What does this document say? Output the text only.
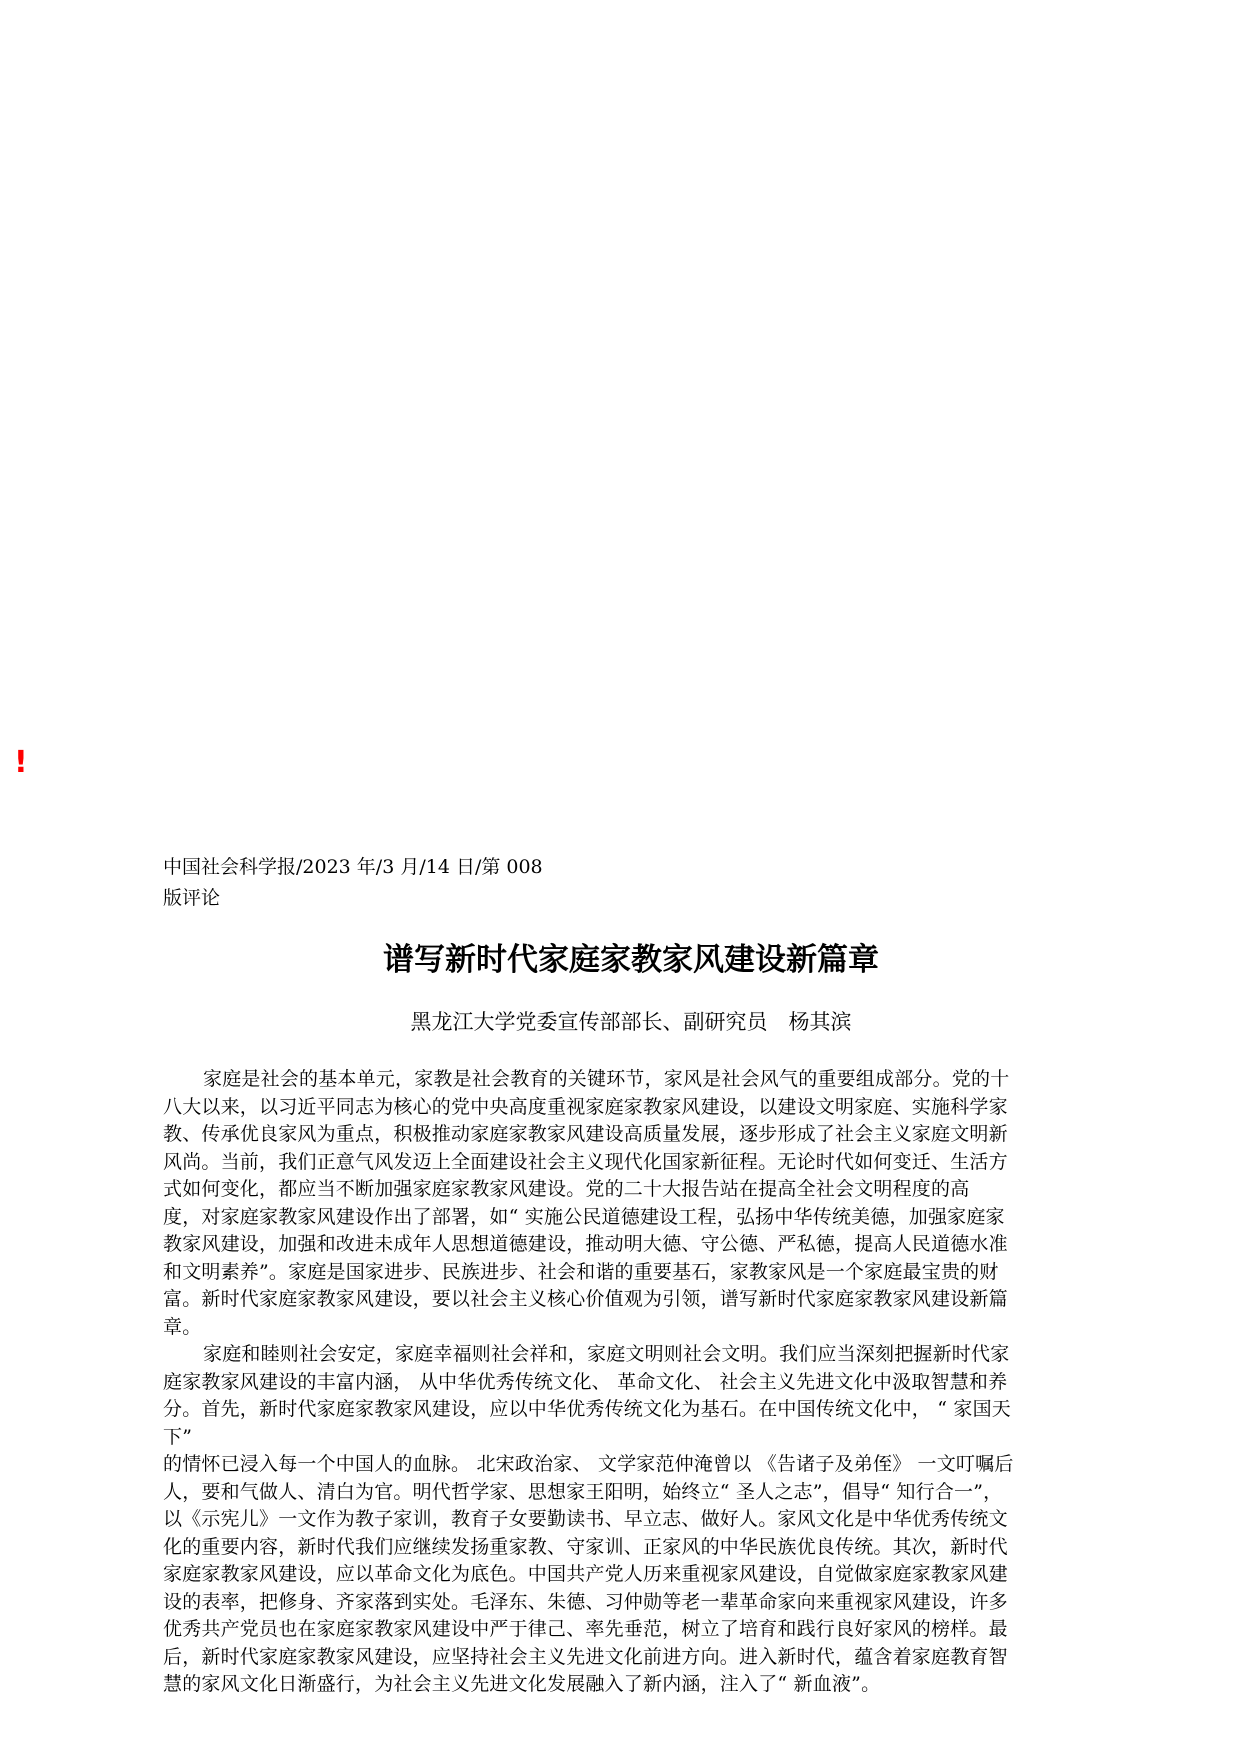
!
中国社会科学报/2023 年/3 月/14 日/第 008
版评论
谱写新时代家庭家教家风建设新篇章
黑龙江大学党委宣传部部长、副研究员　杨其滨

家庭是社会的基本单元，家教是社会教育的关键环节，家风是社会风气的重要组成部分。党的十
八大以来，以习近平同志为核心的党中央高度重视家庭家教家风建设，以建设文明家庭、实施科学家
教、传承优良家风为重点，积极推动家庭家教家风建设高质量发展，逐步形成了社会主义家庭文明新
风尚。当前，我们正意气风发迈上全面建设社会主义现代化国家新征程。无论时代如何变迁、生活方
式如何变化，都应当不断加强家庭家教家风建设。党的二十大报告站在提高全社会文明程度的高
度，对家庭家教家风建设作出了部署，如“ 实施公民道德建设工程，弘扬中华传统美德，加强家庭家
教家风建设，加强和改进未成年人思想道德建设，推动明大德、守公德、严私德，提高人民道德水准
和文明素养”。家庭是国家进步、民族进步、社会和谐的重要基石，家教家风是一个家庭最宝贵的财
富。新时代家庭家教家风建设，要以社会主义核心价值观为引领，谱写新时代家庭家教家风建设新篇
章。

家庭和睦则社会安定，家庭幸福则社会祥和，家庭文明则社会文明。我们应当深刻把握新时代家
庭家教家风建设的丰富内涵， 从中华优秀传统文化、 革命文化、 社会主义先进文化中汲取智慧和养
分。首先，新时代家庭家教家风建设，应以中华优秀传统文化为基石。在中国传统文化中， “ 家国天
下”
的情怀已浸入每一个中国人的血脉。 北宋政治家、 文学家范仲淹曾以 《告诸子及弟侄》 一文叮嘱后
人，要和气做人、清白为官。明代哲学家、思想家王阳明，始终立“ 圣人之志”，倡导“ 知行合一”，
以《示宪儿》一文作为教子家训，教育子女要勤读书、早立志、做好人。家风文化是中华优秀传统文
化的重要内容，新时代我们应继续发扬重家教、守家训、正家风的中华民族优良传统。其次，新时代
家庭家教家风建设，应以革命文化为底色。中国共产党人历来重视家风建设，自觉做家庭家教家风建
设的表率，把修身、齐家落到实处。毛泽东、朱德、习仲勋等老一辈革命家向来重视家风建设，许多
优秀共产党员也在家庭家教家风建设中严于律己、率先垂范，树立了培育和践行良好家风的榜样。最
后，新时代家庭家教家风建设，应坚持社会主义先进文化前进方向。进入新时代，蕴含着家庭教育智
慧的家风文化日渐盛行，为社会主义先进文化发展融入了新内涵，注入了“ 新血液”。
